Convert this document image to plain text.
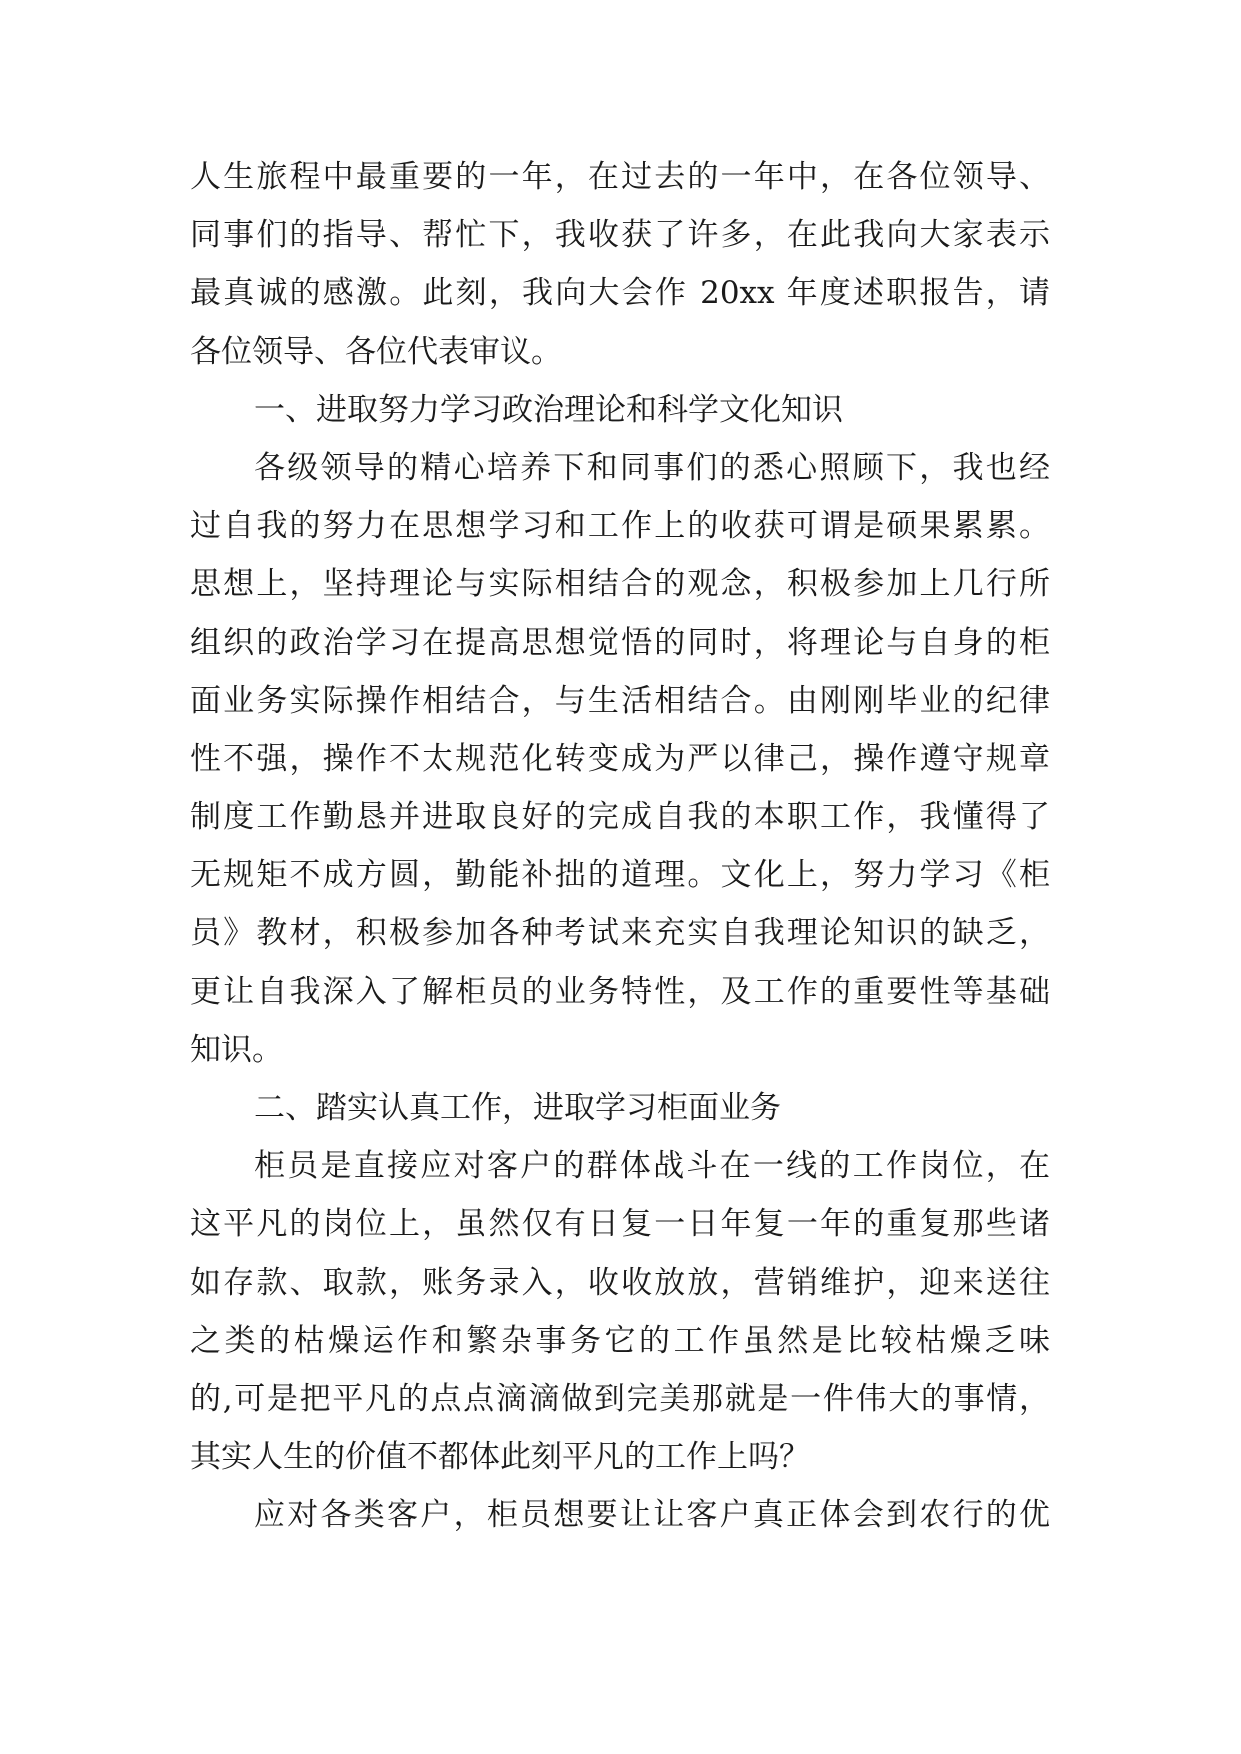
人生旅程中最重要的一年，在过去的一年中，在各位领导、
同事们的指导、帮忙下，我收获了许多，在此我向大家表示
最真诚的感激。此刻，我向大会作 20xx 年度述职报告，请
各位领导、各位代表审议。
一、进取努力学习政治理论和科学文化知识
各级领导的精心培养下和同事们的悉心照顾下，我也经
过自我的努力在思想学习和工作上的收获可谓是硕果累累。
思想上，坚持理论与实际相结合的观念，积极参加上几行所
组织的政治学习在提高思想觉悟的同时，将理论与自身的柜
面业务实际操作相结合，与生活相结合。由刚刚毕业的纪律
性不强，操作不太规范化转变成为严以律己，操作遵守规章
制度工作勤恳并进取良好的完成自我的本职工作，我懂得了
无规矩不成方圆，勤能补拙的道理。文化上，努力学习《柜
员》教材，积极参加各种考试来充实自我理论知识的缺乏，
更让自我深入了解柜员的业务特性，及工作的重要性等基础
知识。
二、踏实认真工作，进取学习柜面业务
柜员是直接应对客户的群体战斗在一线的工作岗位，在
这平凡的岗位上，虽然仅有日复一日年复一年的重复那些诸
如存款、取款，账务录入，收收放放，营销维护，迎来送往
之类的枯燥运作和繁杂事务它的工作虽然是比较枯燥乏味
的,可是把平凡的点点滴滴做到完美那就是一件伟大的事情，
其实人生的价值不都体此刻平凡的工作上吗？
应对各类客户，柜员想要让让客户真正体会到农行的优
